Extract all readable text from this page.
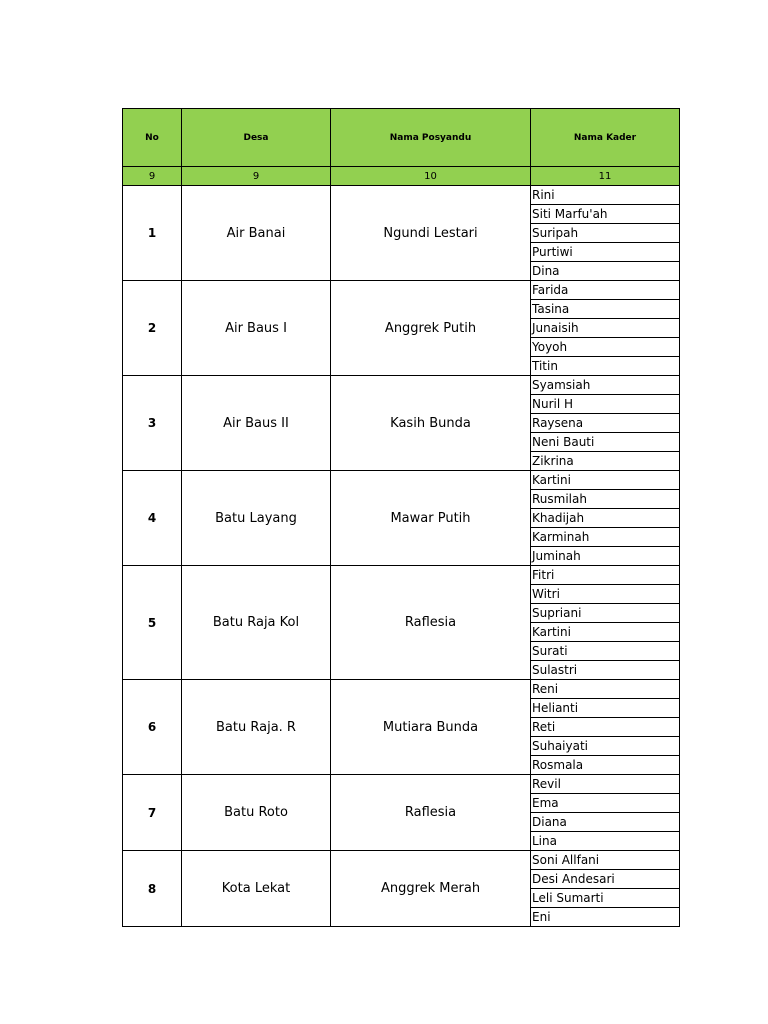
No	Desa	Nama Posyandu	Nama Kader
9	9	10	11
1	Air Banai	Ngundi Lestari	Rini
			Siti Marfu'ah
			Suripah
			Purtiwi
			Dina
2	Air Baus I	Anggrek Putih	Farida
			Tasina
			Junaisih
			Yoyoh
			Titin
3	Air Baus II	Kasih Bunda	Syamsiah
			Nuril H
			Raysena
			Neni Bauti
			Zikrina
4	Batu Layang	Mawar Putih	Kartini
			Rusmilah
			Khadijah
			Karminah
			Juminah
5	Batu Raja Kol	Raflesia	Fitri
			Witri
			Supriani
			Kartini
			Surati
			Sulastri
6	Batu Raja. R	Mutiara Bunda	Reni
			Helianti
			Reti
			Suhaiyati
			Rosmala
7	Batu Roto	Raflesia	Revil
			Ema
			Diana
			Lina
8	Kota Lekat	Anggrek Merah	Soni Allfani
			Desi Andesari
			Leli Sumarti
			Eni
